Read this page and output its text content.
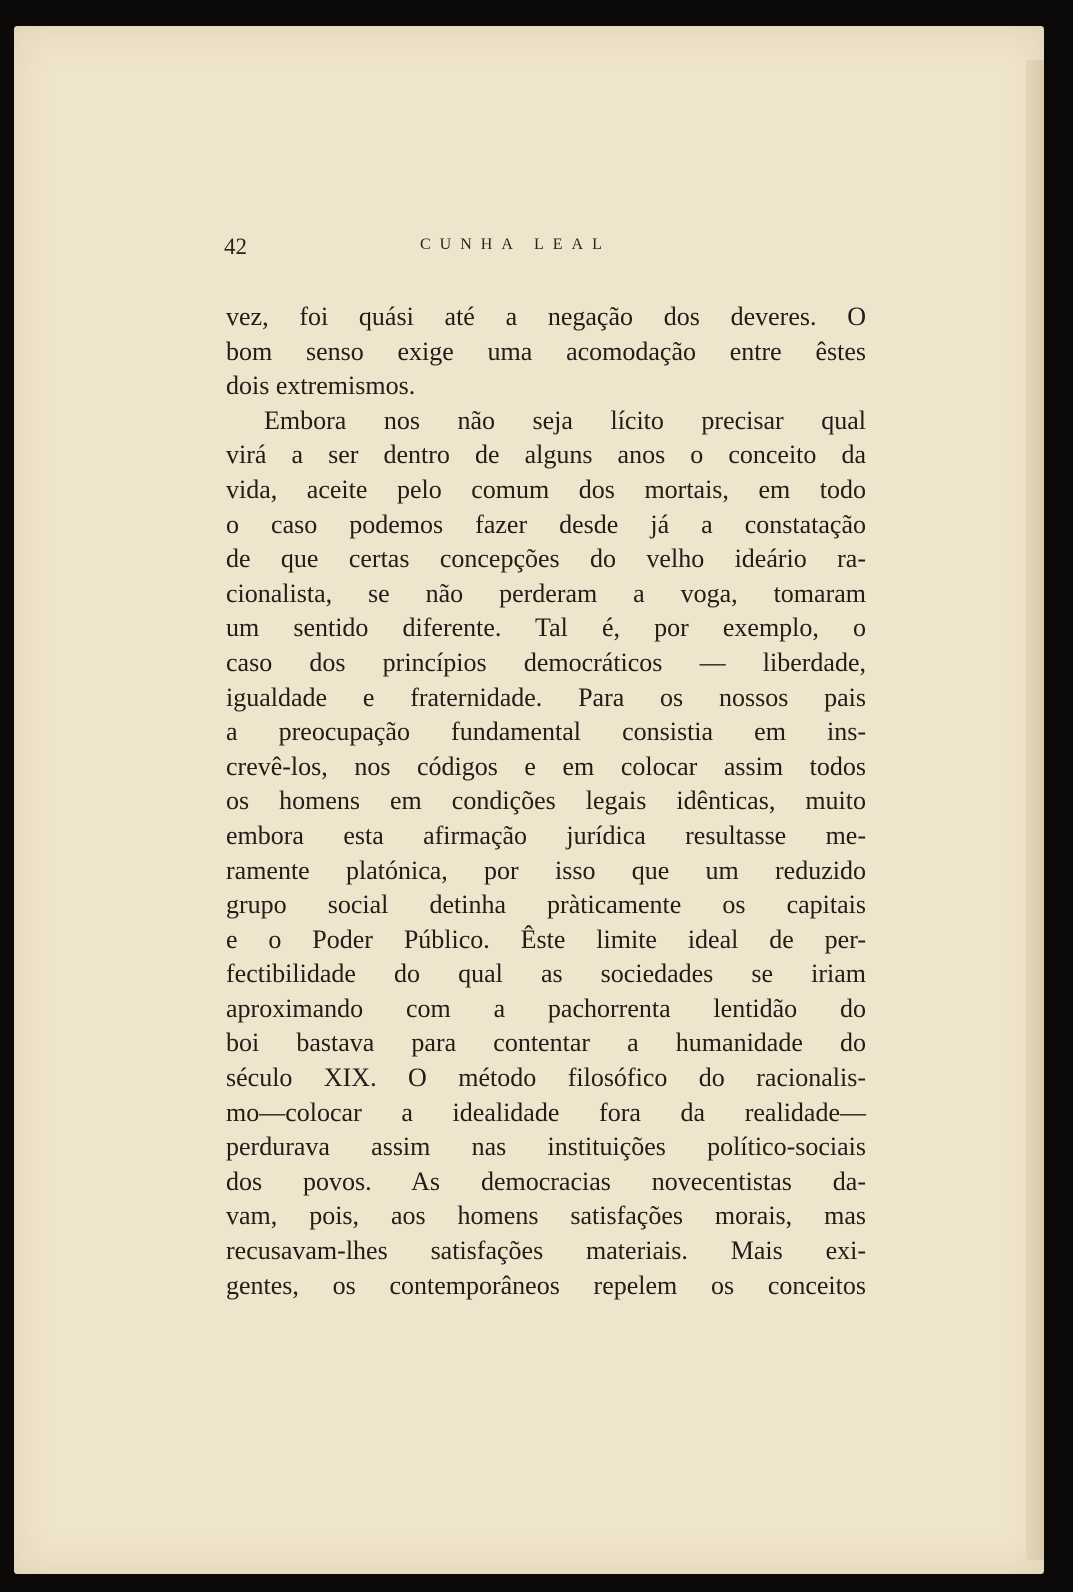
42	CUNHA LEAL
vez, foi quási até a negação dos deveres. O
bom senso exige uma acomodação entre êstes
dois extremismos.
Embora nos não seja lícito precisar qual
virá a ser dentro de alguns anos o conceito da
vida, aceite pelo comum dos mortais, em todo
o caso podemos fazer desde já a constatação
de que certas concepções do velho ideário ra-
cionalista, se não perderam a voga, tomaram
um sentido diferente. Tal é, por exemplo, o
caso dos princípios democráticos — liberdade,
igualdade e fraternidade. Para os nossos pais
a preocupação fundamental consistia em ins-
crevê-los, nos códigos e em colocar assim todos
os homens em condições legais idênticas, muito
embora esta afirmação jurídica resultasse me-
ramente platónica, por isso que um reduzido
grupo social detinha pràticamente os capitais
e o Poder Público. Êste limite ideal de per-
fectibilidade do qual as sociedades se iriam
aproximando com a pachorrenta lentidão do
boi bastava para contentar a humanidade do
século XIX. O método filosófico do racionalis-
mo—colocar a idealidade fora da realidade—
perdurava assim nas instituições político-sociais
dos povos. As democracias novecentistas da-
vam, pois, aos homens satisfações morais, mas
recusavam-lhes satisfações materiais. Mais exi-
gentes, os contemporâneos repelem os conceitos
